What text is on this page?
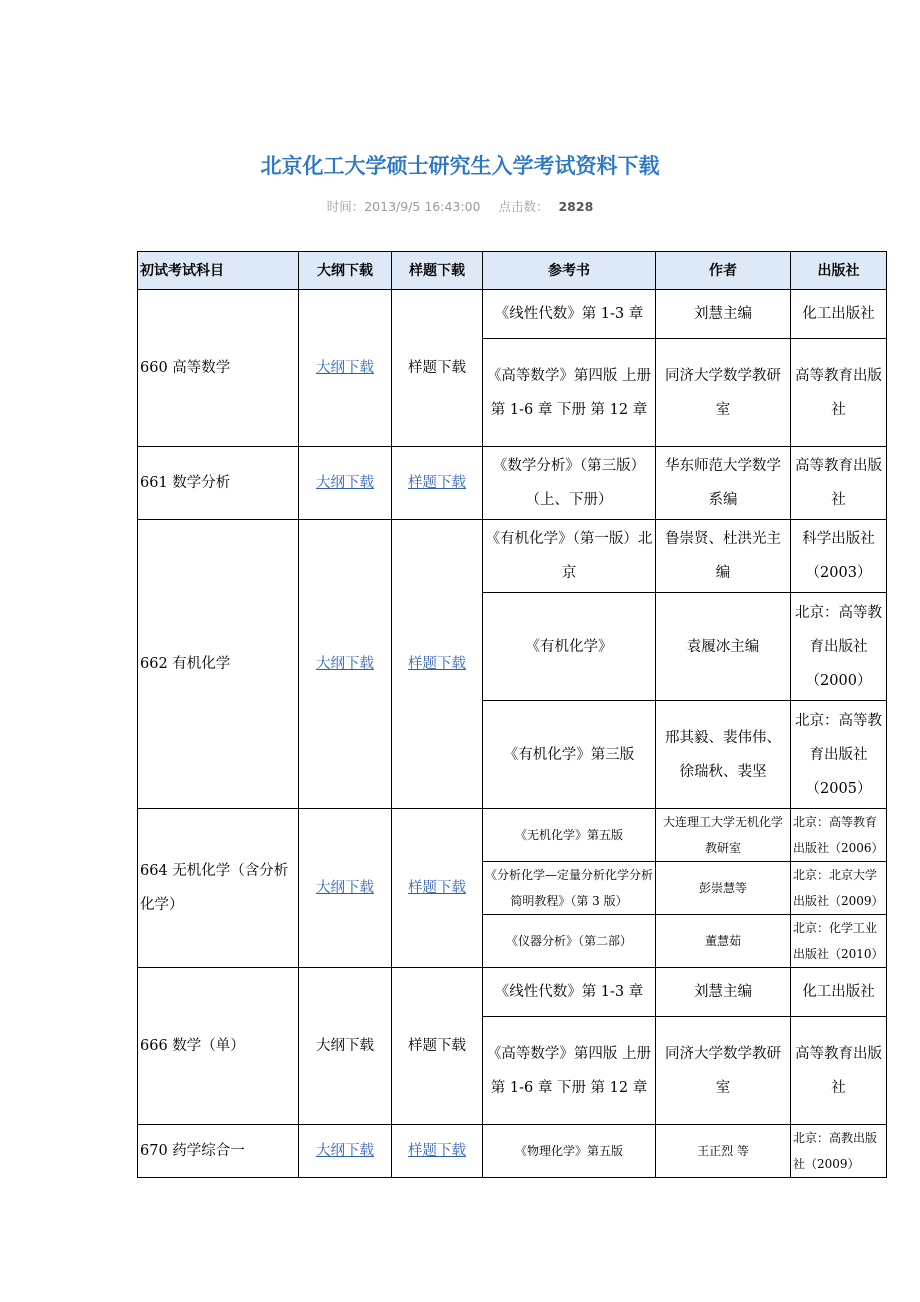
北京化工大学硕士研究生入学考试资料下载
时间：2013/9/5 16:43:00 点击数： 2828
初试考试科目	大纲下载	样题下载	参考书	作者	出版社
660 高等数学	大纲下载	样题下载	《线性代数》第 1-3 章	刘慧主编	化工出版社
			《高等数学》第四版 上册 第 1-6 章 下册 第 12 章	同济大学数学教研室	高等教育出版社
661 数学分析	大纲下载	样题下载	《数学分析》（第三版）（上、下册）	华东师范大学数学系编	高等教育出版社
662 有机化学	大纲下载	样题下载	《有机化学》（第一版）北京	鲁崇贤、杜洪光主编	科学出版社（2003）
			《有机化学》	袁履冰主编	北京：高等教育出版社（2000）
			《有机化学》第三版	邢其毅、裴伟伟、徐瑞秋、裴坚	北京：高等教育出版社（2005）
664 无机化学（含分析化学）	大纲下载	样题下载	《无机化学》第五版	大连理工大学无机化学教研室	北京：高等教育出版社（2006）
			《分析化学—定量分析化学分析简明教程》（第 3 版）	彭崇慧等	北京：北京大学出版社（2009）
			《仪器分析》（第二部）	董慧茹	北京：化学工业出版社（2010）
666 数学（单）	大纲下载	样题下载	《线性代数》第 1-3 章	刘慧主编	化工出版社
			《高等数学》第四版 上册 第 1-6 章 下册 第 12 章	同济大学数学教研室	高等教育出版社
670 药学综合一	大纲下载	样题下载	《物理化学》第五版	王正烈 等	北京：高教出版社（2009）
